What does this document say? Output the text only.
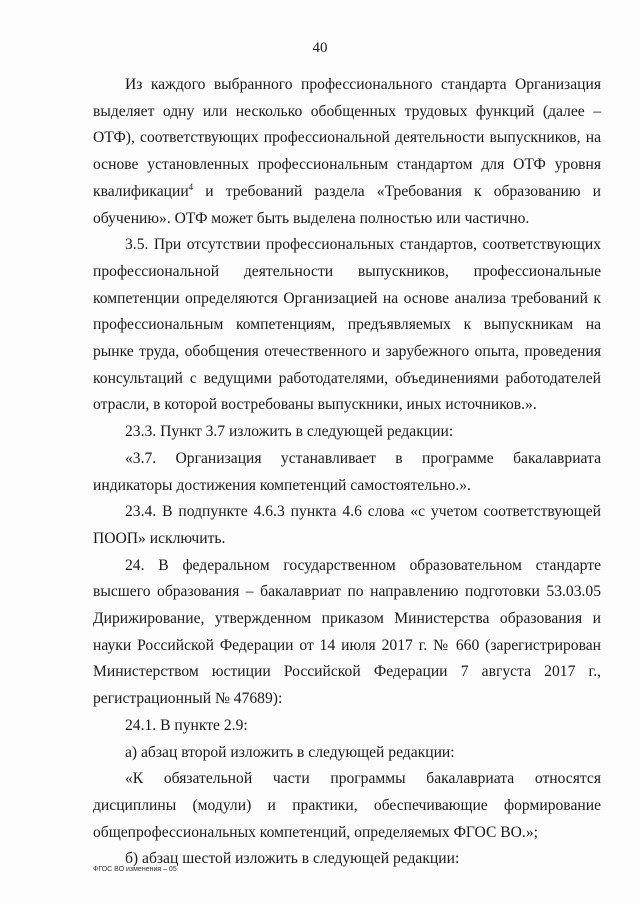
40

Из каждого выбранного профессионального стандарта Организация выделяет одну или несколько обобщенных трудовых функций (далее – ОТФ), соответствующих профессиональной деятельности выпускников, на основе установленных профессиональным стандартом для ОТФ уровня квалификации$^4$ и требований раздела «Требования к образованию и обучению». ОТФ может быть выделена полностью или частично.

3.5. При отсутствии профессиональных стандартов, соответствующих профессиональной деятельности выпускников, профессиональные компетенции определяются Организацией на основе анализа требований к профессиональным компетенциям, предъявляемых к выпускникам на рынке труда, обобщения отечественного и зарубежного опыта, проведения консультаций с ведущими работодателями, объединениями работодателей отрасли, в которой востребованы выпускники, иных источников.».

23.3. Пункт 3.7 изложить в следующей редакции:

«3.7. Организация устанавливает в программе бакалавриата индикаторы достижения компетенций самостоятельно.».

23.4. В подпункте 4.6.3 пункта 4.6 слова «с учетом соответствующей ПООП» исключить.

24. В федеральном государственном образовательном стандарте высшего образования – бакалавриат по направлению подготовки 53.03.05 Дирижирование, утвержденном приказом Министерства образования и науки Российской Федерации от 14 июля 2017 г. № 660 (зарегистрирован Министерством юстиции Российской Федерации 7 августа 2017 г., регистрационный № 47689):

24.1. В пункте 2.9:

а) абзац второй изложить в следующей редакции:

«К обязательной части программы бакалавриата относятся дисциплины (модули) и практики, обеспечивающие формирование общепрофессиональных компетенций, определяемых ФГОС ВО.»;

б) абзац шестой изложить в следующей редакции:

ФГОС ВО изменения – 05
